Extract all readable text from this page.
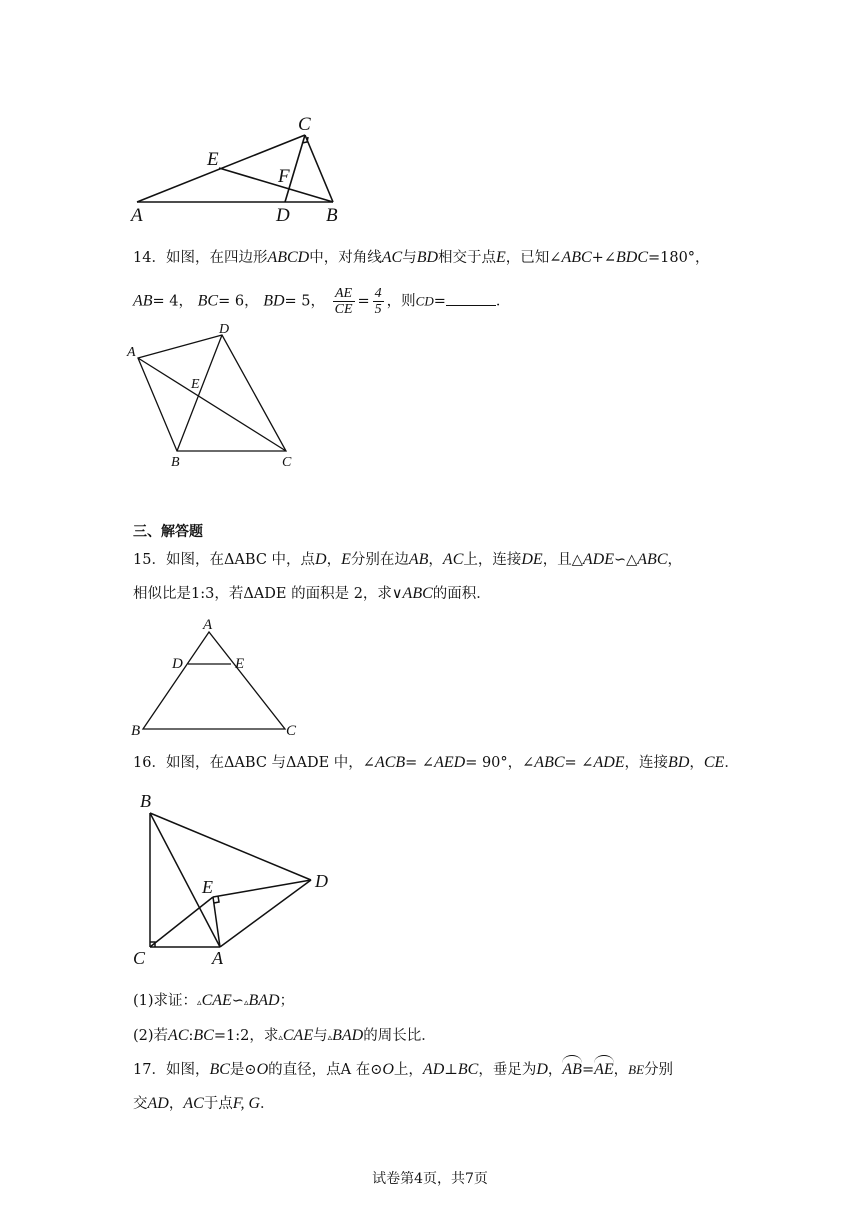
C
E
F
A	D B
14．如图，在四边形ABCD中，对角线AC与BD相交于点E，已知∠ABC+∠BDC=180°，
AB= 4， BC= 6， BD= 5， $\frac{AE}{CE} = \frac{4}{5}$ ，则CD=	．
D
A
E
B	C
三、解答题
15．如图，在ΔABC 中，点D，E分别在边AB，AC上，连接DE，且△ADE∽△ABC，
相似比是1:3，若ΔADE 的面积是 2，求∨ABC的面积．
A
D	E
B	C
16．如图，在ΔABC 与ΔADE 中，∠ACB= ∠AED= 90°，∠ABC= ∠ADE，连接BD，CE．
B
D
E
C	A
(1)求证：▵CAE∽▵BAD；
(2)若AC:BC=1:2，求▵CAE与▵BAD的周长比．
17．如图，BC是⊙O的直径，点A 在⊙O上，AD⊥BC，垂足为D，AB=AE，BE分别
交AD，AC于点F, G．
试卷第4页，共7页
